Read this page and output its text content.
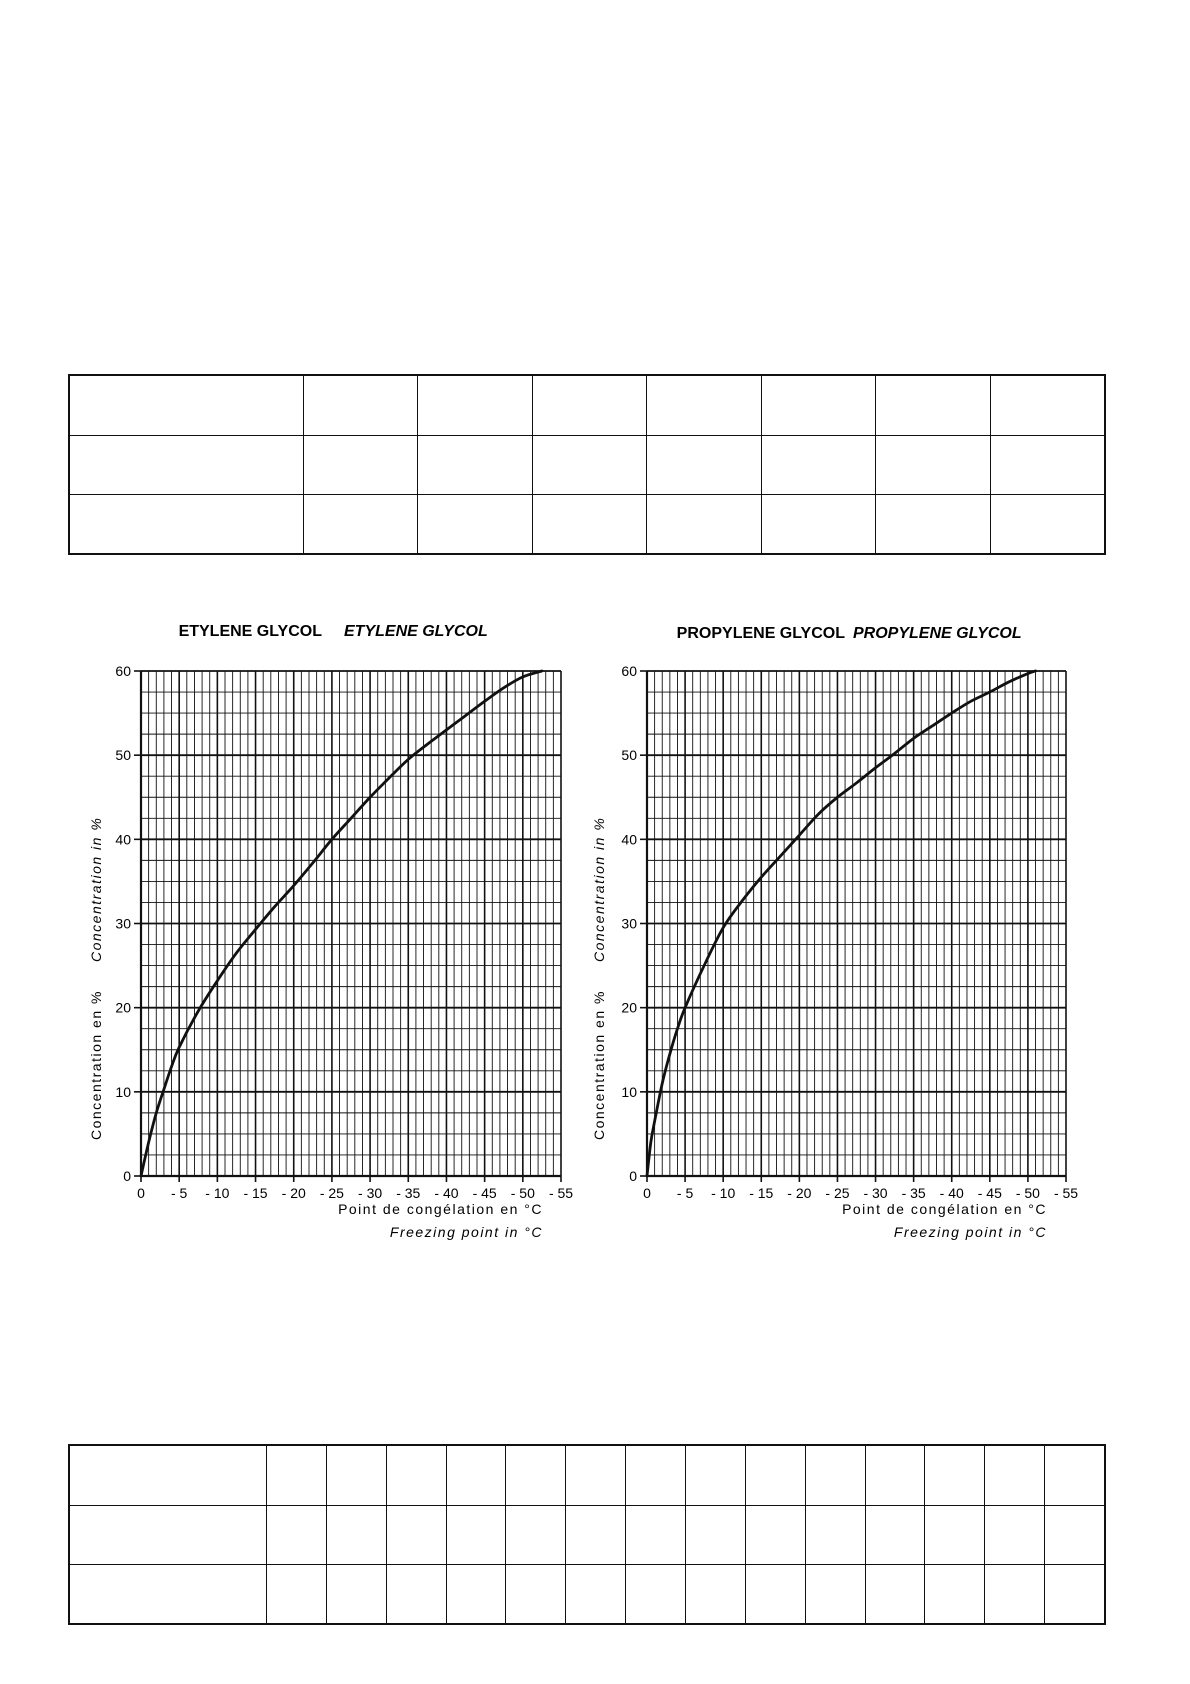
ETYLENE GLYCOL ETYLENE GLYCOL
0
10
20
30
40
50
60
0 - 5 - 10 - 15 - 20 - 25 - 30 - 35 - 40 - 45 - 50 - 55
Concentration en %
Concentration in %
Point de congélation en °C
Freezing point in °C
PROPYLENE GLYCOL PROPYLENE GLYCOL
0
10
20
30
40
50
60
0 - 5 - 10 - 15 - 20 - 25 - 30 - 35 - 40 - 45 - 50 - 55
Concentration en %
Concentration in %
Point de congélation en °C
Freezing point in °C
